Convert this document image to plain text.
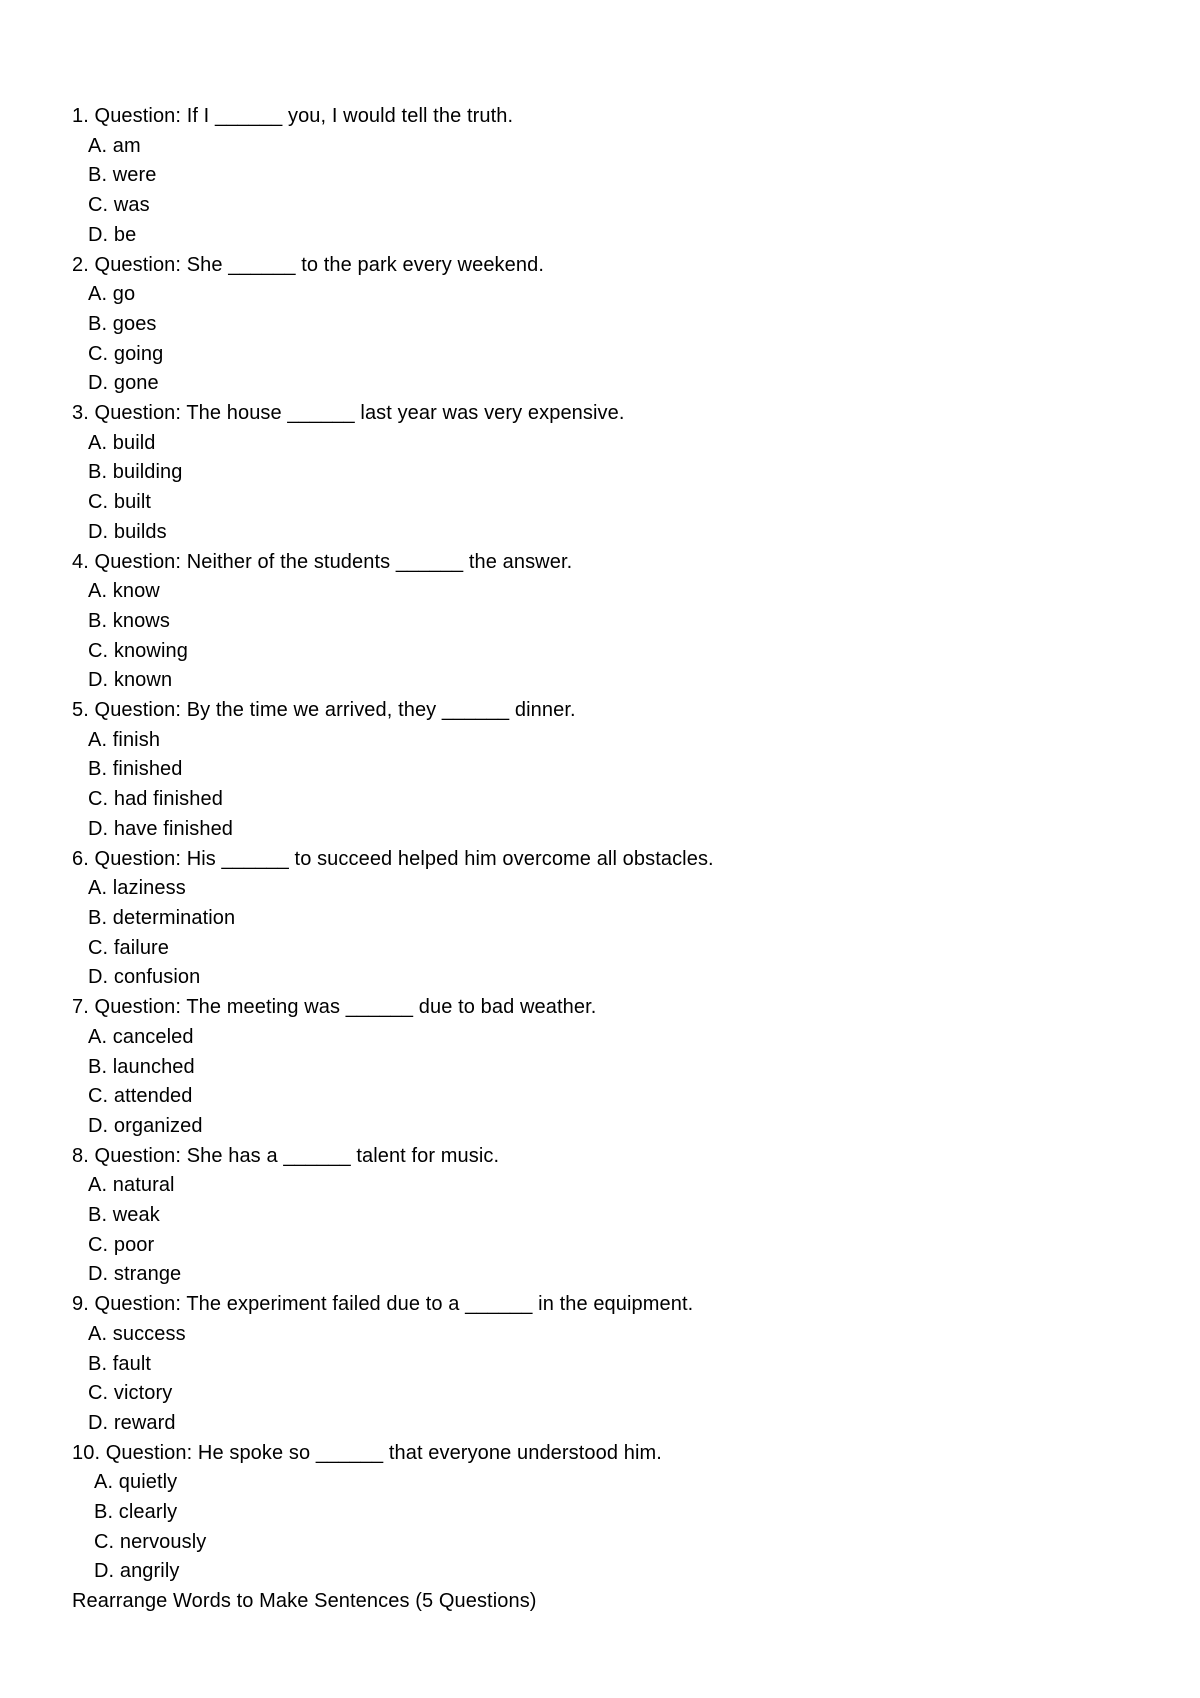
1. Question: If I ______ you, I would tell the truth.

A. am
B. were
C. was
D. be

2. Question: She ______ to the park every weekend.

A. go
B. goes
C. going
D. gone

3. Question: The house ______ last year was very expensive.

A. build
B. building
C. built
D. builds

4. Question: Neither of the students ______ the answer.

A. know
B. knows
C. knowing
D. known

5. Question: By the time we arrived, they ______ dinner.

A. finish
B. finished
C. had finished
D. have finished

6. Question: His ______ to succeed helped him overcome all obstacles.

A. laziness
B. determination
C. failure
D. confusion

7. Question: The meeting was ______ due to bad weather.

A. canceled
B. launched
C. attended
D. organized

8. Question: She has a ______ talent for music.

A. natural
B. weak
C. poor
D. strange

9. Question: The experiment failed due to a ______ in the equipment.

A. success
B. fault
C. victory
D. reward

10. Question: He spoke so ______ that everyone understood him.

A. quietly
B. clearly
C. nervously
D. angrily
Rearrange Words to Make Sentences (5 Questions)
